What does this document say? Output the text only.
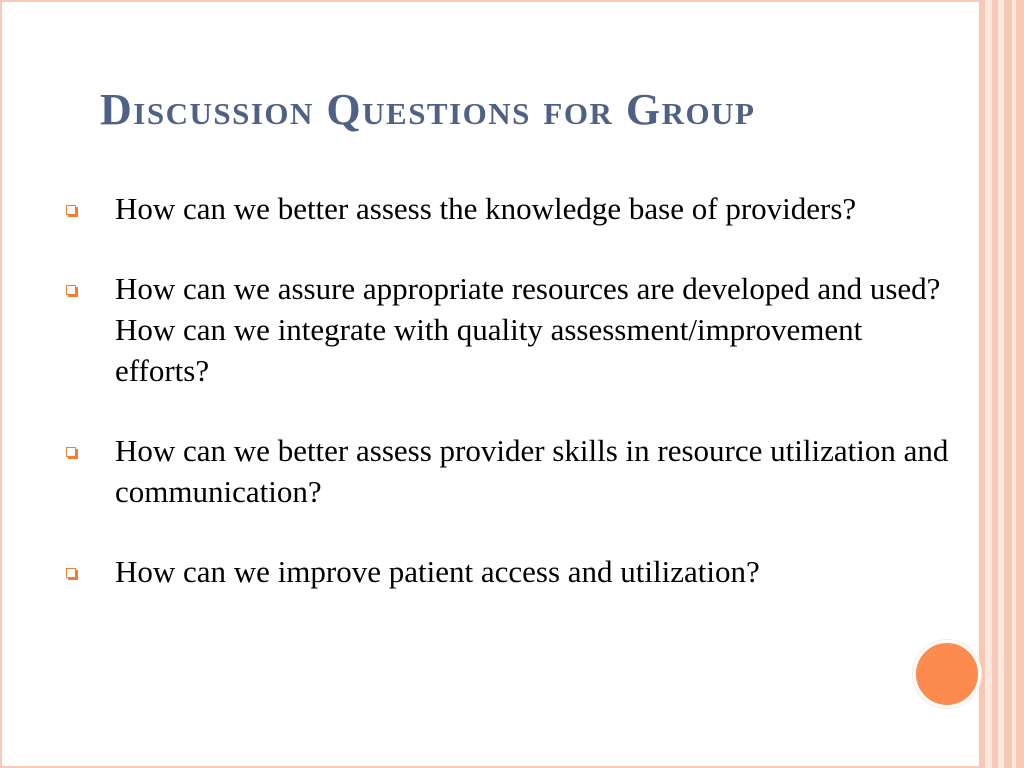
Discussion Questions for Group
How can we better assess the knowledge base of providers?
How can we assure appropriate resources are developed and used? How can we integrate with quality assessment/improvement efforts?
How can we better assess provider skills in resource utilization and communication?
How can we improve patient access and utilization?
